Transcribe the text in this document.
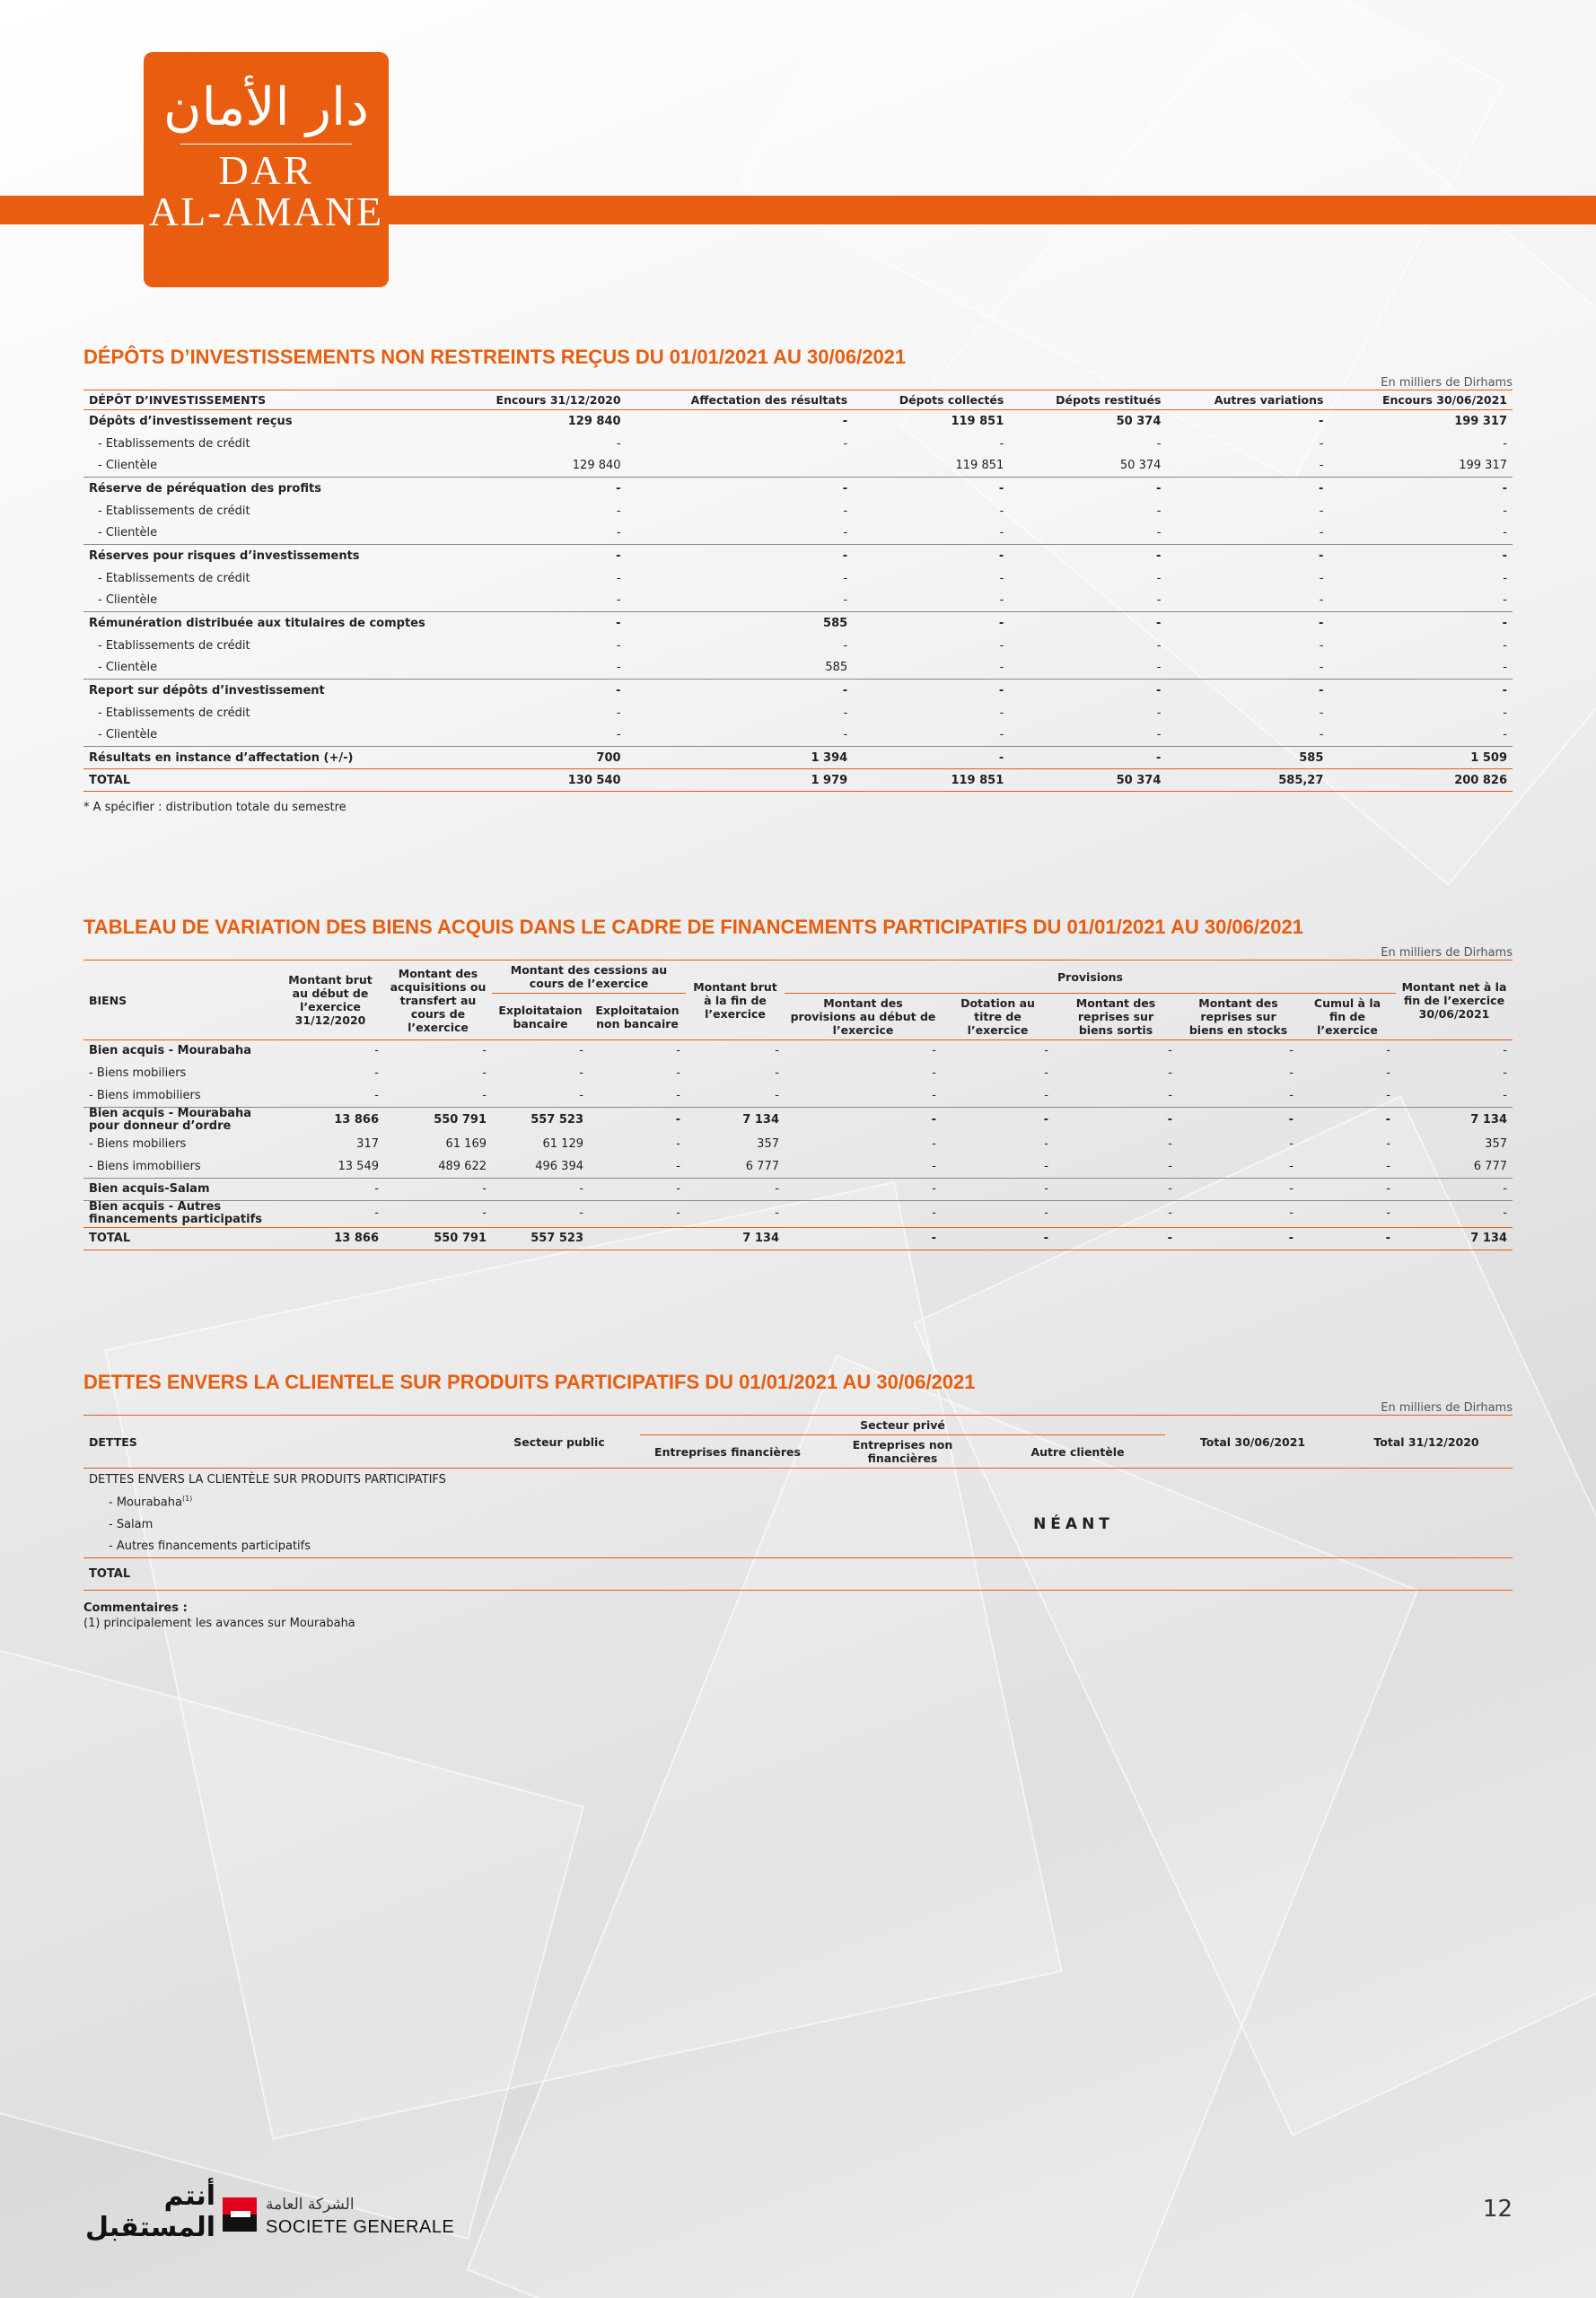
دار الأمان
DAR
AL-AMANE
DÉPÔTS D’INVESTISSEMENTS NON RESTREINTS REÇUS DU 01/01/2021 AU 30/06/2021
En milliers de Dirhams
DÉPÔT D’INVESTISSEMENTS	Encours 31/12/2020	Affectation des résultats	Dépots collectés	Dépots restitués	Autres variations	Encours 30/06/2021
Dépôts d’investissement reçus	129 840	-	119 851	50 374	-	199 317
- Etablissements de crédit	-	-	-	-	-	-
- Clientèle	129 840		119 851	50 374	-	199 317
Réserve de péréquation des profits	-	-	-	-	-	-
- Etablissements de crédit	-	-	-	-	-	-
- Clientèle	-	-	-	-	-	-
Réserves pour risques d’investissements	-	-	-	-	-	-
- Etablissements de crédit	-	-	-	-	-	-
- Clientèle	-	-	-	-	-	-
Rémunération distribuée aux titulaires de comptes	-	585	-	-	-	-
- Etablissements de crédit	-	-	-	-	-	-
- Clientèle	-	585	-	-	-	-
Report sur dépôts d’investissement	-	-	-	-	-	-
- Etablissements de crédit	-	-	-	-	-	-
- Clientèle	-	-	-	-	-	-
Résultats en instance d’affectation (+/-)	700	1 394	-	-	585	1 509
TOTAL	130 540	1 979	119 851	50 374	585,27	200 826
* A spécifier : distribution totale du semestre
TABLEAU DE VARIATION DES BIENS ACQUIS DANS LE CADRE DE FINANCEMENTS PARTICIPATIFS DU 01/01/2021 AU 30/06/2021
En milliers de Dirhams
BIENS	Montant brut au début de l’exercice 31/12/2020	Montant des acquisitions ou transfert au cours de l’exercice	Montant des cessions au cours de l’exercice		Montant brut à la fin de l’exercice	Provisions					Montant net à la fin de l’exercice 30/06/2021
			Exploitataion bancaire	Exploitataion non bancaire		Montant des provisions au début de l’exercice	Dotation au titre de l’exercice	Montant des reprises sur biens sortis	Montant des reprises sur biens en stocks	Cumul à la fin de l’exercice	
Bien acquis - Mourabaha	-	-	-	-	-	-	-	-	-	-	-
- Biens mobiliers	-	-	-	-	-	-	-	-	-	-	-
- Biens immobiliers	-	-	-	-	-	-	-	-	-	-	-
Bien acquis - Mourabaha pour donneur d’ordre	13 866	550 791	557 523	-	7 134	-	-	-	-	-	7 134
- Biens mobiliers	317	61 169	61 129	-	357	-	-	-	-	-	357
- Biens immobiliers	13 549	489 622	496 394	-	6 777	-	-	-	-	-	6 777
Bien acquis-Salam	-	-	-	-	-	-	-	-	-	-	-
Bien acquis - Autres financements participatifs	-	-	-	-	-	-	-	-	-	-	-
TOTAL	13 866	550 791	557 523		7 134	-	-	-	-	-	7 134
DETTES ENVERS LA CLIENTELE SUR PRODUITS PARTICIPATIFS DU 01/01/2021 AU 30/06/2021
En milliers de Dirhams
DETTES	Secteur public	Secteur privé			Total 30/06/2021	Total 31/12/2020
		Entreprises financières	Entreprises non financières	Autre clientèle		
DETTES ENVERS LA CLIENTÈLE SUR PRODUITS PARTICIPATIFS						
- Mourabaha$^{(1)}$	NÉANT					
- Salam						
- Autres financements participatifs						
TOTAL						
Commentaires :
(1) principalement les avances sur Mourabaha
أنتم
المستقبل
الشركة العامة
SOCIETE GENERALE
12
